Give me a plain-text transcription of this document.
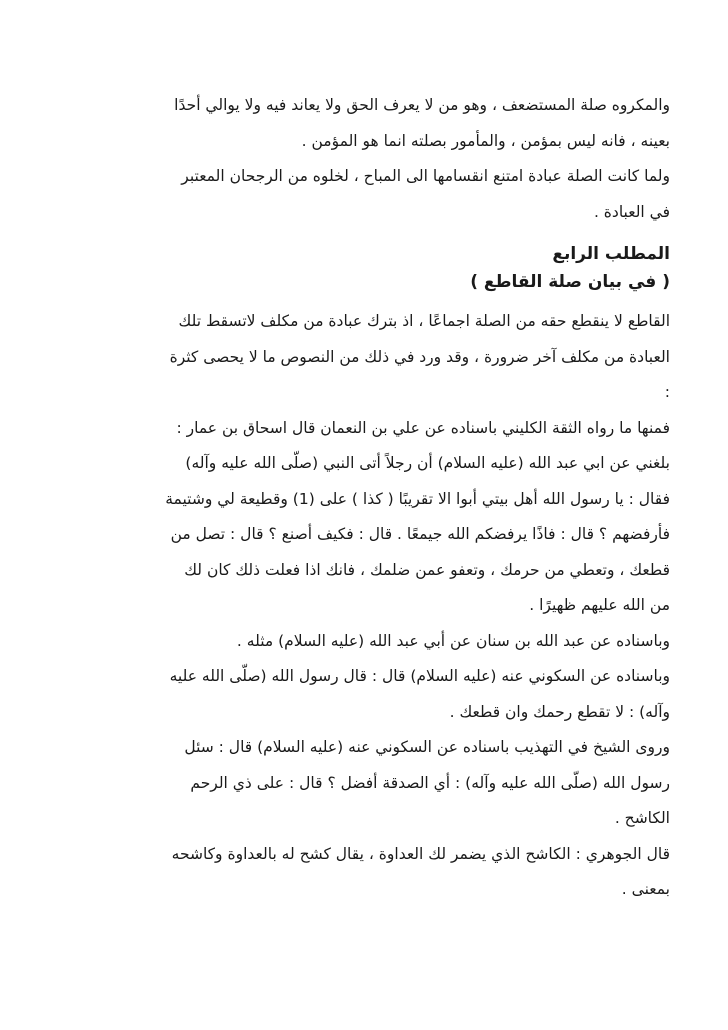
والمكروه صلة المستضعف ، وهو من لا يعرف الحق ولا يعاند فيه ولا يوالي أحدًا

بعينه ، فانه ليس بمؤمن ، والمأمور بصلته انما هو المؤمن .

ولما كانت الصلة عبادة امتنع انقسامها الى المباح ، لخلوه من الرجحان المعتبر

في العبادة .

المطلب الرابع

( في بيان صلة القاطع )

القاطع لا ينقطع حقه من الصلة اجماعًا ، اذ بترك عبادة من مكلف لاتسقط تلك

العبادة من مكلف آخر ضرورة ، وقد ورد في ذلك من النصوص ما لا يحصى كثرة

:

فمنها ما رواه الثقة الكليني باسناده عن علي بن النعمان قال اسحاق بن عمار :

بلغني عن ابي عبد الله (عليه السلام) أن رجلاً أتى النبي (صلّى الله عليه وآله)

فقال : يا رسول الله أهل بيتي أبوا الا تقريبًا ( كذا ) على (1) وقطيعة لي وشتيمة

فأرفضهم ؟ قال : فاذًا يرفضكم الله جيمعًا . قال : فكيف أصنع ؟ قال : تصل من

قطعك ، وتعطي من حرمك ، وتعفو عمن ضلمك ، فانك اذا فعلت ذلك كان لك

من الله عليهم ظهيرًا .

وباسناده عن عبد الله بن سنان عن أبي عبد الله (عليه السلام) مثله .

وباسناده عن السكوني عنه (عليه السلام) قال : قال رسول الله (صلّى الله عليه

وآله) : لا تقطع رحمك وان قطعك .

وروى الشيخ في التهذيب باسناده عن السكوني عنه (عليه السلام) قال : سئل

رسول الله (صلّى الله عليه وآله) : أي الصدقة أفضل ؟ قال : على ذي الرحم

الكاشح .

قال الجوهري : الكاشح الذي يضمر لك العداوة ، يقال كشح له بالعداوة وكاشحه

بمعنى .
